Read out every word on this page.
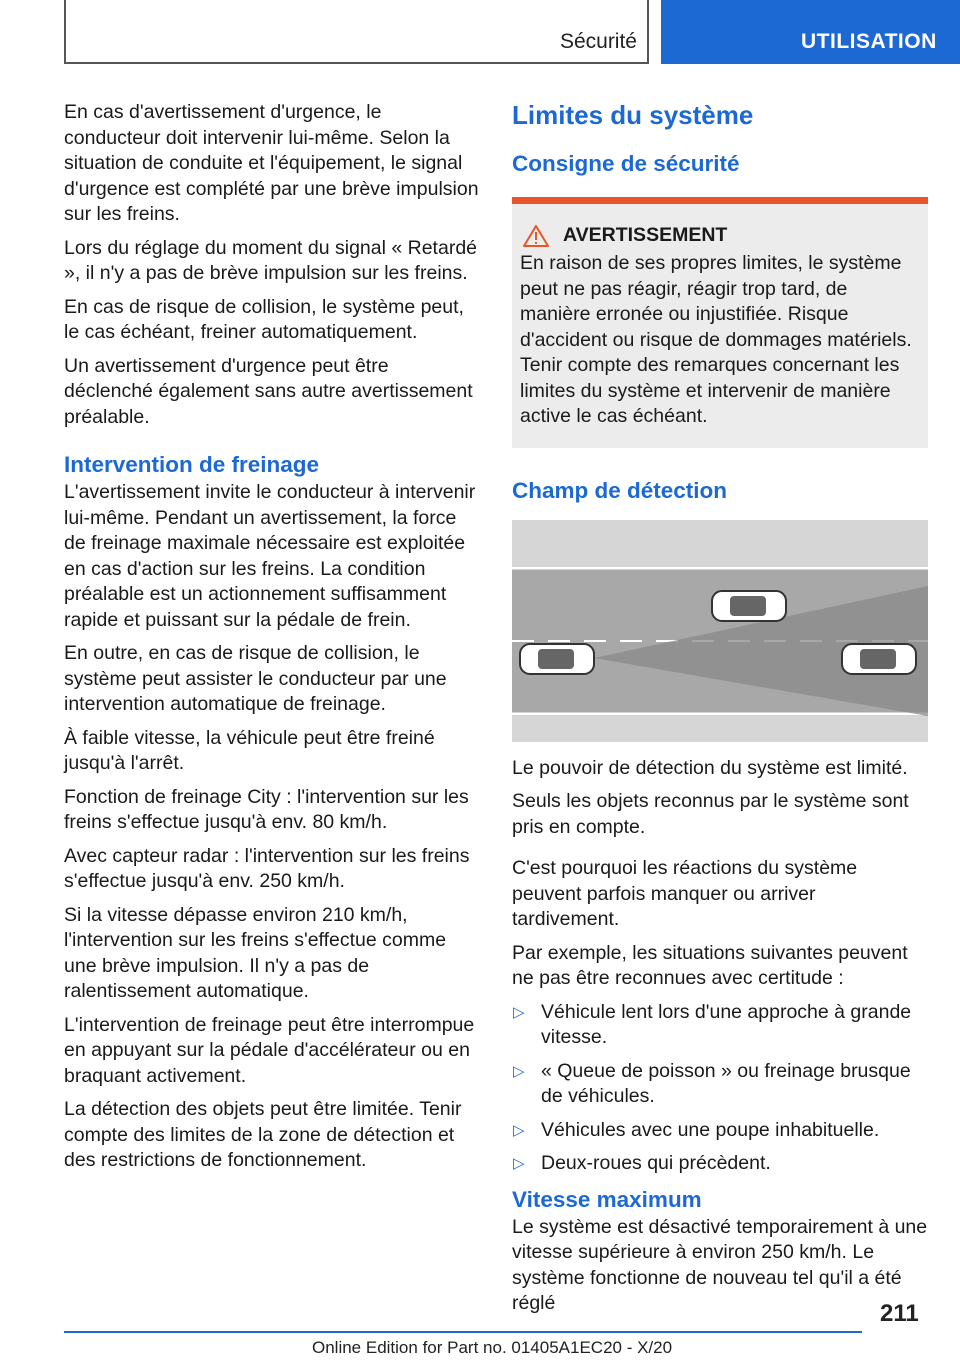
Sécurité	UTILISATION

En cas d'avertissement d'urgence, le conducteur doit intervenir lui-même. Selon la situation de conduite et l'équipement, le signal d'urgence est complété par une brève impulsion sur les freins.

Lors du réglage du moment du signal « Retardé », il n'y a pas de brève impulsion sur les freins.

En cas de risque de collision, le système peut, le cas échéant, freiner automatiquement.

Un avertissement d'urgence peut être déclenché également sans autre avertissement préalable.

Intervention de freinage

L'avertissement invite le conducteur à intervenir lui-même. Pendant un avertissement, la force de freinage maximale nécessaire est exploitée en cas d'action sur les freins. La condition préalable est un actionnement suffisamment rapide et puissant sur la pédale de frein.

En outre, en cas de risque de collision, le système peut assister le conducteur par une intervention automatique de freinage.

À faible vitesse, la véhicule peut être freiné jusqu'à l'arrêt.

Fonction de freinage City : l'intervention sur les freins s'effectue jusqu'à env. 80 km/h.

Avec capteur radar : l'intervention sur les freins s'effectue jusqu'à env. 250 km/h.

Si la vitesse dépasse environ 210 km/h, l'intervention sur les freins s'effectue comme une brève impulsion. Il n'y a pas de ralentissement automatique.

L'intervention de freinage peut être interrompue en appuyant sur la pédale d'accélérateur ou en braquant activement.

La détection des objets peut être limitée. Tenir compte des limites de la zone de détection et des restrictions de fonctionnement.

Limites du système
Consigne de sécurité
AVERTISSEMENT

En raison de ses propres limites, le système peut ne pas réagir, réagir trop tard, de manière erronée ou injustifiée. Risque d'accident ou risque de dommages matériels. Tenir compte des remarques concernant les limites du système et intervenir de manière active le cas échéant.

Champ de détection

Le pouvoir de détection du système est limité.

Seuls les objets reconnus par le système sont pris en compte.

C'est pourquoi les réactions du système peuvent parfois manquer ou arriver tardivement.

Par exemple, les situations suivantes peuvent ne pas être reconnues avec certitude :

▷ Véhicule lent lors d'une approche à grande vitesse.
▷ « Queue de poisson » ou freinage brusque de véhicules.
▷ Véhicules avec une poupe inhabituelle.
▷ Deux-roues qui précèdent.
Vitesse maximum

Le système est désactivé temporairement à une vitesse supérieure à environ 250 km/h. Le système fonctionne de nouveau tel qu'il a été réglé	211
Online Edition for Part no. 01405A1EC20 - X/20
